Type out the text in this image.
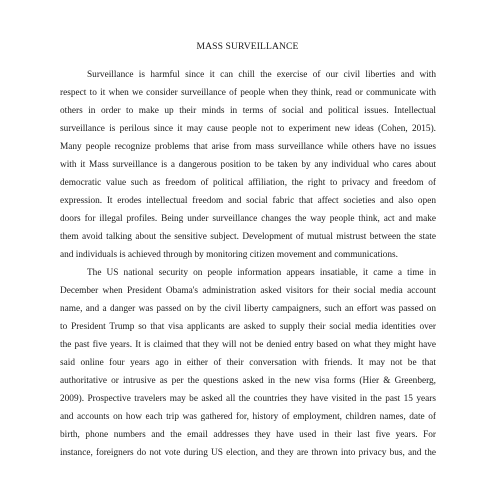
MASS SURVEILLANCE
Surveillance is harmful since it can chill the exercise of our civil liberties and with
respect to it when we consider surveillance of people when they think, read or communicate with
others in order to make up their minds in terms of social and political issues. Intellectual
surveillance is perilous since it may cause people not to experiment new ideas (Cohen, 2015).
Many people recognize problems that arise from mass surveillance while others have no issues
with it Mass surveillance is a dangerous position to be taken by any individual who cares about
democratic value such as freedom of political affiliation, the right to privacy and freedom of
expression. It erodes intellectual freedom and social fabric that affect societies and also open
doors for illegal profiles. Being under surveillance changes the way people think, act and make
them avoid talking about the sensitive subject. Development of mutual mistrust between the state
and individuals is achieved through by monitoring citizen movement and communications.
The US national security on people information appears insatiable, it came a time in
December when President Obama's administration asked visitors for their social media account
name, and a danger was passed on by the civil liberty campaigners, such an effort was passed on
to President Trump so that visa applicants are asked to supply their social media identities over
the past five years. It is claimed that they will not be denied entry based on what they might have
said online four years ago in either of their conversation with friends. It may not be that
authoritative or intrusive as per the questions asked in the new visa forms (Hier & Greenberg,
2009). Prospective travelers may be asked all the countries they have visited in the past 15 years
and accounts on how each trip was gathered for, history of employment, children names, date of
birth, phone numbers and the email addresses they have used in their last five years. For
instance, foreigners do not vote during US election, and they are thrown into privacy bus, and the
